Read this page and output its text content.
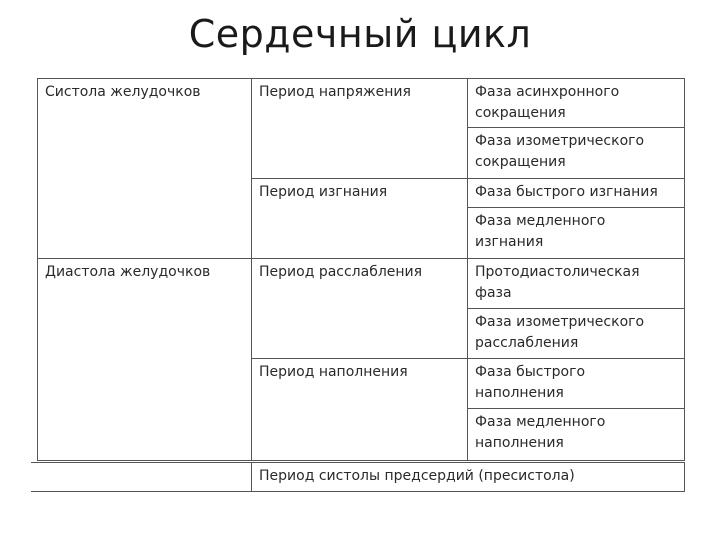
Сердечный цикл
Систола желудочков
Диастола желудочков
Период напряжения
Период изгнания
Период расслабления
Период наполнения
Фаза асинхронного сокращения
Фаза изометрического сокращения
Фаза быстрого изгнания
Фаза медленного изгнания
Протодиастолическая фаза
Фаза изометрического расслабления
Фаза быстрого наполнения
Фаза медленного наполнения
Период систолы предсердий (пресистола)
